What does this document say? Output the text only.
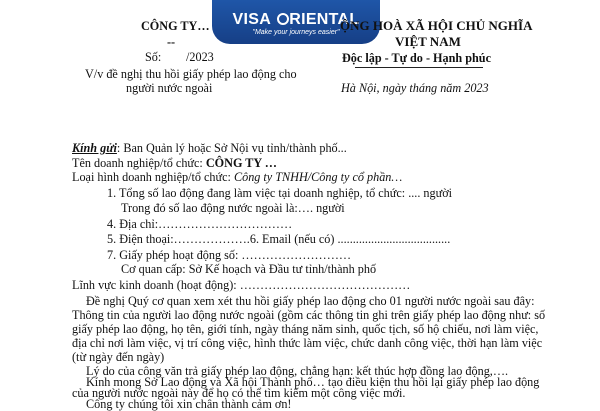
VISA RIENTAL
"Make your journeys easier"
CÔNG TY…
--
Số: /2023
V/v đề nghị thu hồi giấy phép lao động cho
người nước ngoài
ỘNG HOÀ XÃ HỘI CHỦ NGHĨA
VIỆT NAM
Độc lập - Tự do - Hạnh phúc
Hà Nội, ngày tháng năm 2023
Kính gửi: Ban Quản lý hoặc Sở Nội vụ tỉnh/thành phố...
Tên doanh nghiệp/tổ chức: CÔNG TY …
Loại hình doanh nghiệp/tổ chức: Công ty TNHH/Công ty cổ phần…
1. Tổng số lao động đang làm việc tại doanh nghiệp, tổ chức: .... người
Trong đó số lao động nước ngoài là:…. người
4. Địa chỉ:……………………………
5. Điện thoại:……………….6. Email (nếu có) .....................................
7. Giấy phép hoạt động số: ………………………
Cơ quan cấp: Sở Kế hoạch và Đầu tư tỉnh/thành phố
Lĩnh vực kinh doanh (hoạt động): ……………………………………
Đề nghị Quý cơ quan xem xét thu hồi giấy phép lao động cho 01 người nước ngoài sau đây:
Thông tin của người lao động nước ngoài (gồm các thông tin ghi trên giấy phép lao động như: số
giấy phép lao động, họ tên, giới tính, ngày tháng năm sinh, quốc tịch, số hộ chiếu, nơi làm việc,
địa chỉ nơi làm việc, vị trí công việc, hình thức làm việc, chức danh công việc, thời hạn làm việc
(từ ngày đến ngày)
Lý do của công văn trả giấy phép lao động, chẳng hạn: kết thúc hợp đồng lao động,….
Kính mong Sở Lao động và Xã hội Thành phố… tạo điều kiện thu hồi lại giấy phép lao động
của người nước ngoài này để họ có thể tìm kiếm một công việc mới.
Công ty chúng tôi xin chân thành cảm ơn!
